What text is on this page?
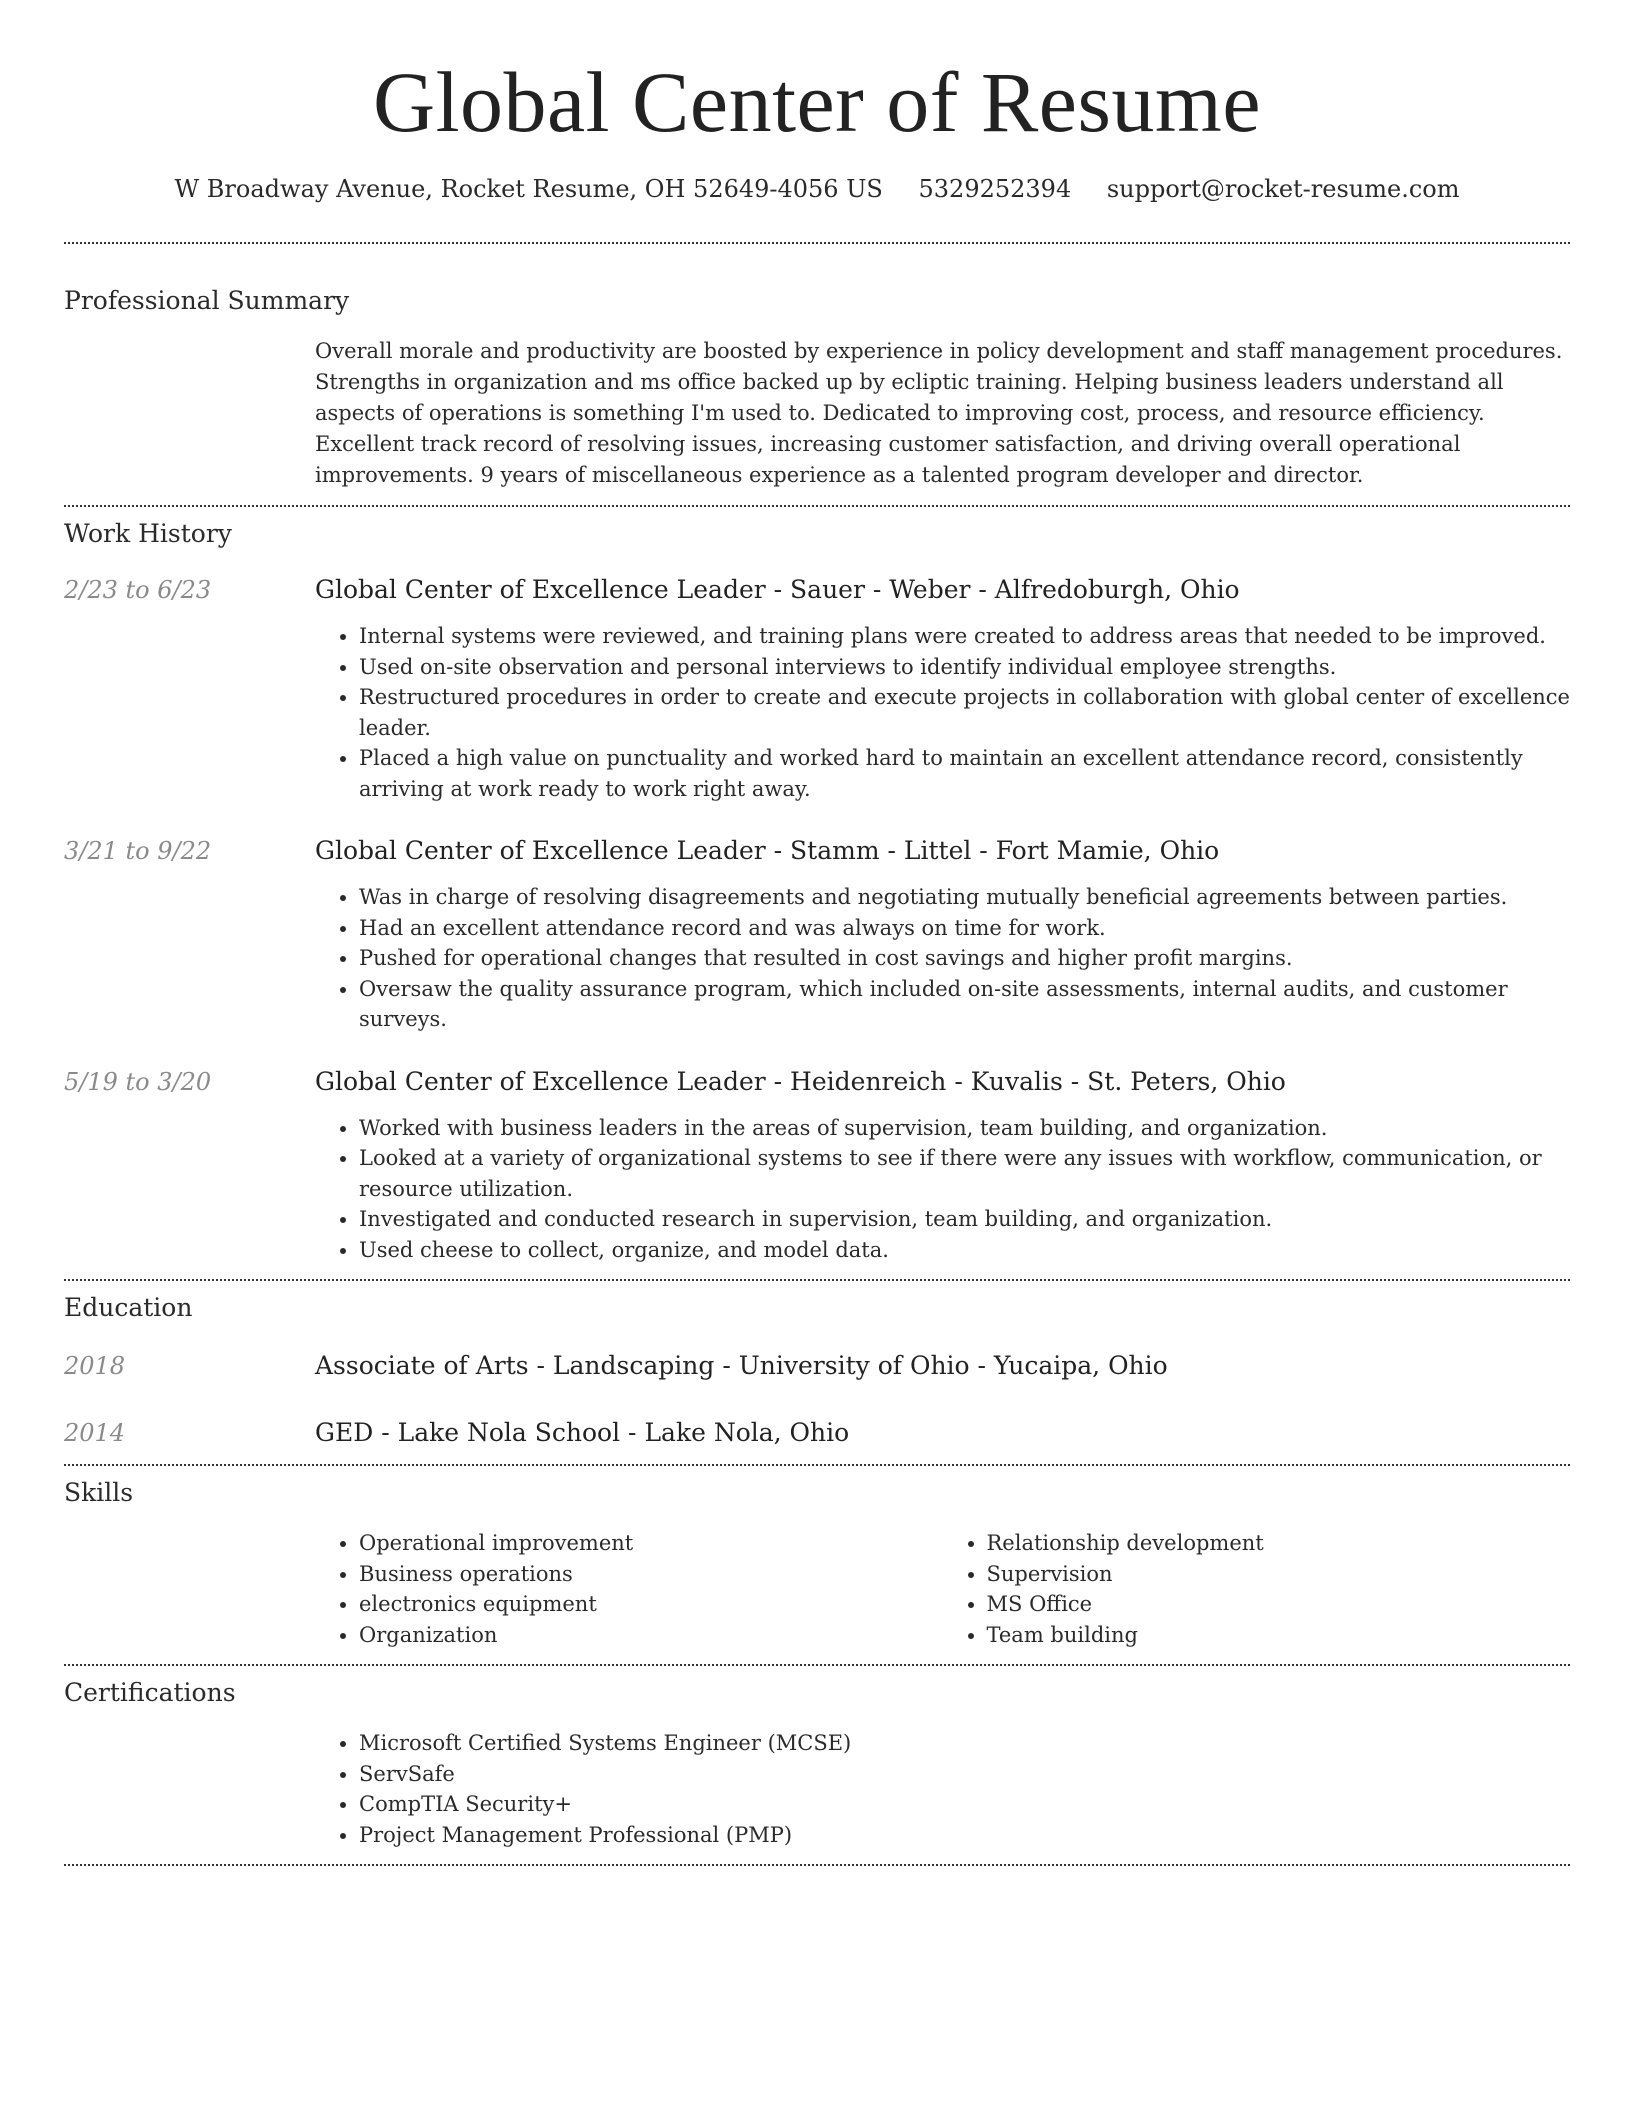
Global Center of Resume
W Broadway Avenue, Rocket Resume, OH 52649-4056 US 5329252394 support@rocket-resume.com
Professional Summary

Overall morale and productivity are boosted by experience in policy development and staff management procedures. Strengths in organization and ms office backed up by ecliptic training. Helping business leaders understand all aspects of operations is something I'm used to. Dedicated to improving cost, process, and resource efficiency. Excellent track record of resolving issues, increasing customer satisfaction, and driving overall operational improvements. 9 years of miscellaneous experience as a talented program developer and director.

Work History
2/23 to 6/23	Global Center of Excellence Leader - Sauer - Weber - Alfredoburgh, Ohio
• Internal systems were reviewed, and training plans were created to address areas that needed to be improved.
• Used on-site observation and personal interviews to identify individual employee strengths.
• Restructured procedures in order to create and execute projects in collaboration with global center of excellence leader.
• Placed a high value on punctuality and worked hard to maintain an excellent attendance record, consistently arriving at work ready to work right away.
3/21 to 9/22	Global Center of Excellence Leader - Stamm - Littel - Fort Mamie, Ohio
• Was in charge of resolving disagreements and negotiating mutually beneficial agreements between parties.
• Had an excellent attendance record and was always on time for work.
• Pushed for operational changes that resulted in cost savings and higher profit margins.
• Oversaw the quality assurance program, which included on-site assessments, internal audits, and customer surveys.
5/19 to 3/20	Global Center of Excellence Leader - Heidenreich - Kuvalis - St. Peters, Ohio
• Worked with business leaders in the areas of supervision, team building, and organization.
• Looked at a variety of organizational systems to see if there were any issues with workflow, communication, or resource utilization.
• Investigated and conducted research in supervision, team building, and organization.
• Used cheese to collect, organize, and model data.
Education
2018	Associate of Arts - Landscaping - University of Ohio - Yucaipa, Ohio
2014	GED - Lake Nola School - Lake Nola, Ohio
Skills
• Operational improvement
• Business operations
• electronics equipment
• Organization
• Relationship development
• Supervision
• MS Office
• Team building
Certifications
• Microsoft Certified Systems Engineer (MCSE)
• ServSafe
• CompTIA Security+
• Project Management Professional (PMP)
